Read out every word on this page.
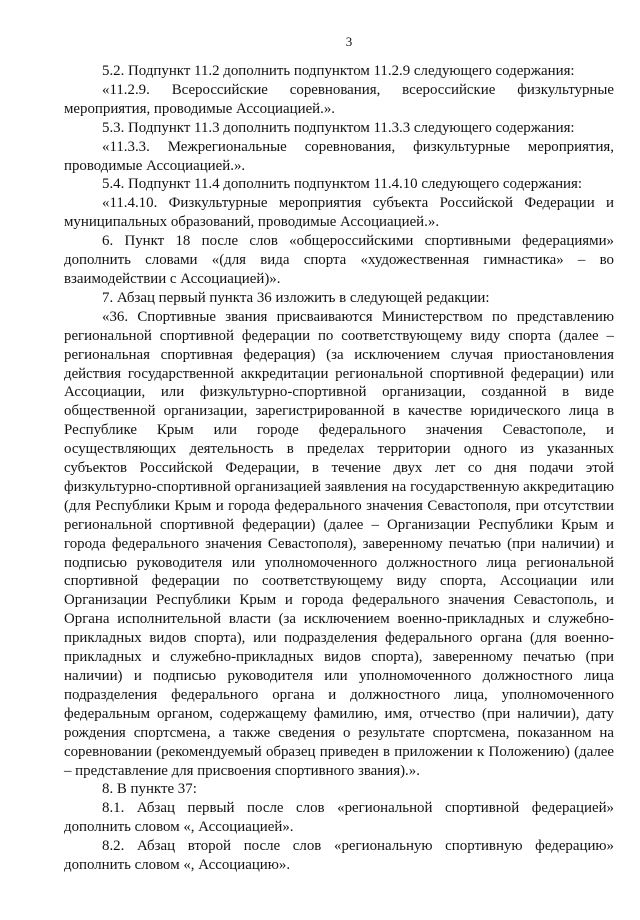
3

5.2. Подпункт 11.2 дополнить подпунктом 11.2.9 следующего содержания:

«11.2.9. Всероссийские соревнования, всероссийские физкультурные мероприятия, проводимые Ассоциацией.».

5.3. Подпункт 11.3 дополнить подпунктом 11.3.3 следующего содержания:

«11.3.3. Межрегиональные соревнования, физкультурные мероприятия, проводимые Ассоциацией.».

5.4. Подпункт 11.4 дополнить подпунктом 11.4.10 следующего содержания:

«11.4.10. Физкультурные мероприятия субъекта Российской Федерации и муниципальных образований, проводимые Ассоциацией.».

6. Пункт 18 после слов «общероссийскими спортивными федерациями» дополнить словами «(для вида спорта «художественная гимнастика» – во взаимодействии с Ассоциацией)».

7. Абзац первый пункта 36 изложить в следующей редакции:

«36. Спортивные звания присваиваются Министерством по представлению региональной спортивной федерации по соответствующему виду спорта (далее – региональная спортивная федерация) (за исключением случая приостановления действия государственной аккредитации региональной спортивной федерации) или Ассоциации, или физкультурно-спортивной организации, созданной в виде общественной организации, зарегистрированной в качестве юридического лица в Республике Крым или городе федерального значения Севастополе, и осуществляющих деятельность в пределах территории одного из указанных субъектов Российской Федерации, в течение двух лет со дня подачи этой физкультурно-спортивной организацией заявления на государственную аккредитацию (для Республики Крым и города федерального значения Севастополя, при отсутствии региональной спортивной федерации) (далее – Организации Республики Крым и города федерального значения Севастополя), заверенному печатью (при наличии) и подписью руководителя или уполномоченного должностного лица региональной спортивной федерации по соответствующему виду спорта, Ассоциации или Организации Республики Крым и города федерального значения Севастополь, и Органа исполнительной власти (за исключением военно-прикладных и служебно-прикладных видов спорта), или подразделения федерального органа (для военно-прикладных и служебно-прикладных видов спорта), заверенному печатью (при наличии) и подписью руководителя или уполномоченного должностного лица подразделения федерального органа и должностного лица, уполномоченного федеральным органом, содержащему фамилию, имя, отчество (при наличии), дату рождения спортсмена, а также сведения о результате спортсмена, показанном на соревновании (рекомендуемый образец приведен в приложении к Положению) (далее – представление для присвоения спортивного звания).».

8. В пункте 37:

8.1. Абзац первый после слов «региональной спортивной федерацией» дополнить словом «, Ассоциацией».

8.2. Абзац второй после слов «региональную спортивную федерацию» дополнить словом «, Ассоциацию».
